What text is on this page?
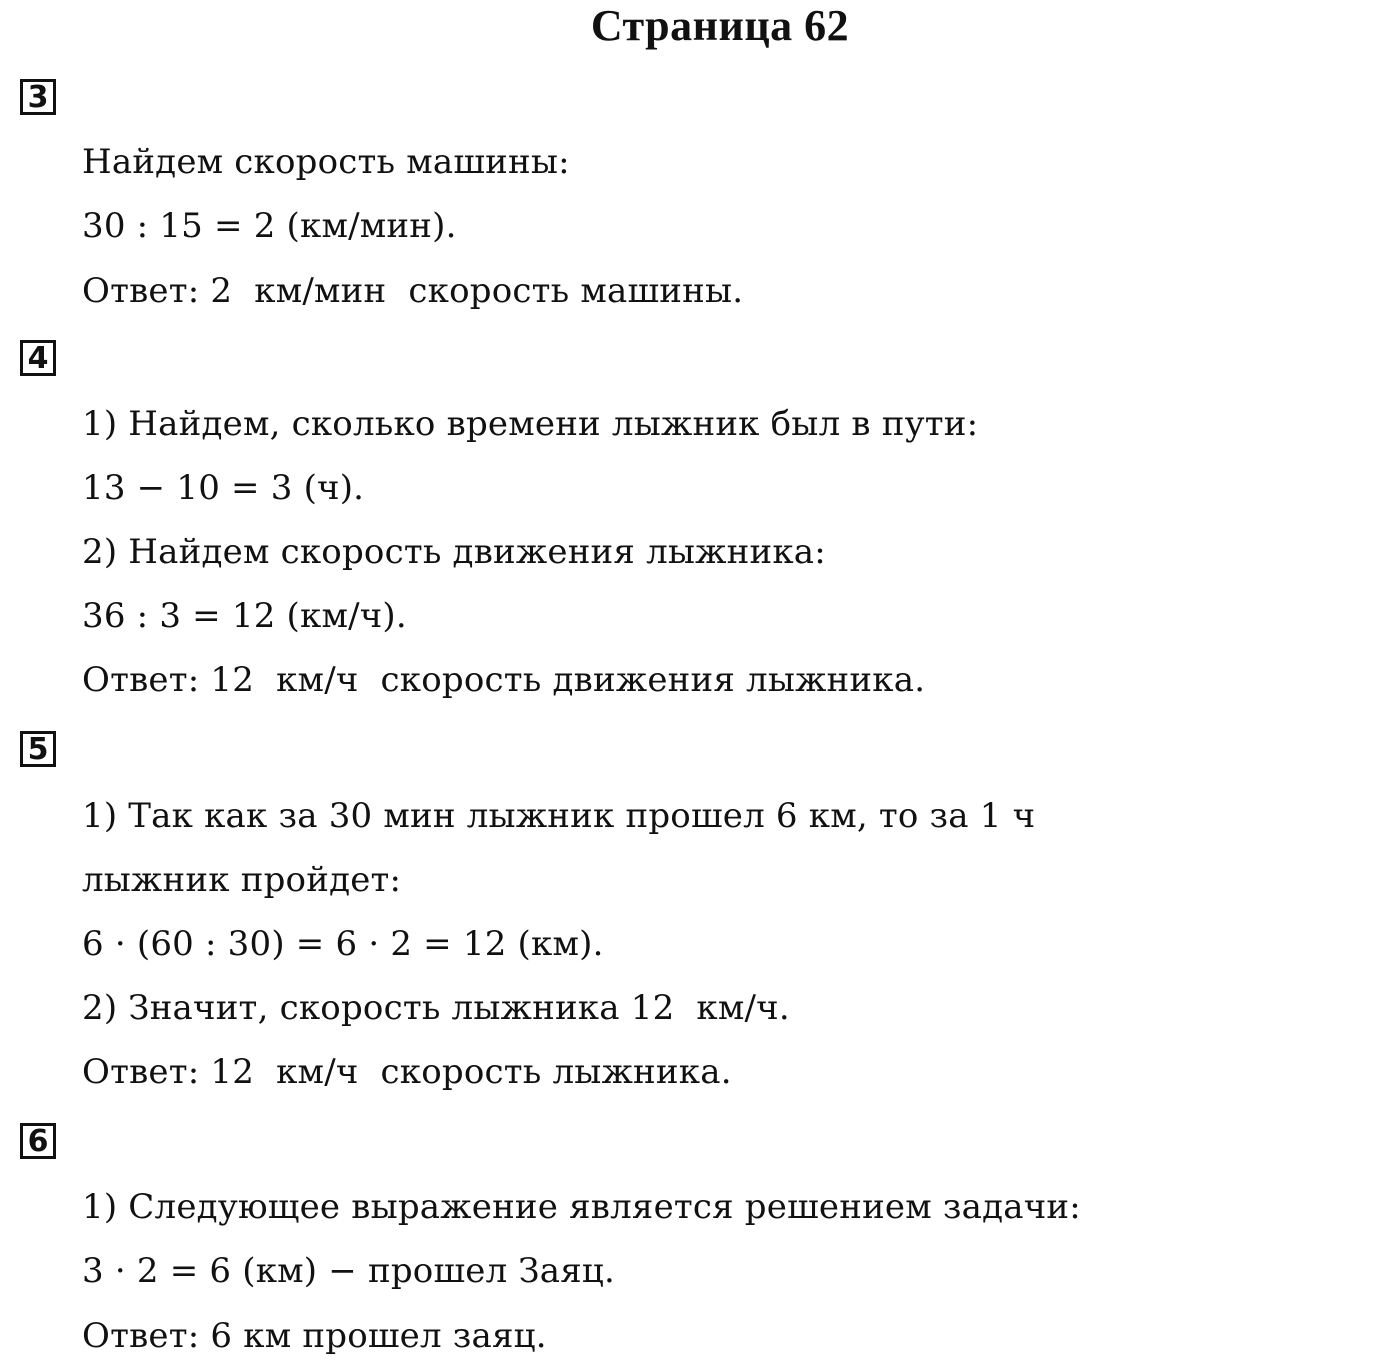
Страница 62
3
Найдем скорость машины:
30 : 15 = 2 (км/мин).
Ответ: 2  км/мин  скорость машины.
4
1) Найдем, сколько времени лыжник был в пути:
13 − 10 = 3 (ч).
2) Найдем скорость движения лыжника:
36 : 3 = 12 (км/ч).
Ответ: 12  км/ч  скорость движения лыжника.
5
1) Так как за 30 мин лыжник прошел 6 км, то за 1 ч
лыжник пройдет:
6 · (60 : 30) = 6 · 2 = 12 (км).
2) Значит, скорость лыжника 12  км/ч.
Ответ: 12  км/ч  скорость лыжника.
6
1) Следующее выражение является решением задачи:
3 · 2 = 6 (км) − прошел Заяц.
Ответ: 6 км прошел заяц.
